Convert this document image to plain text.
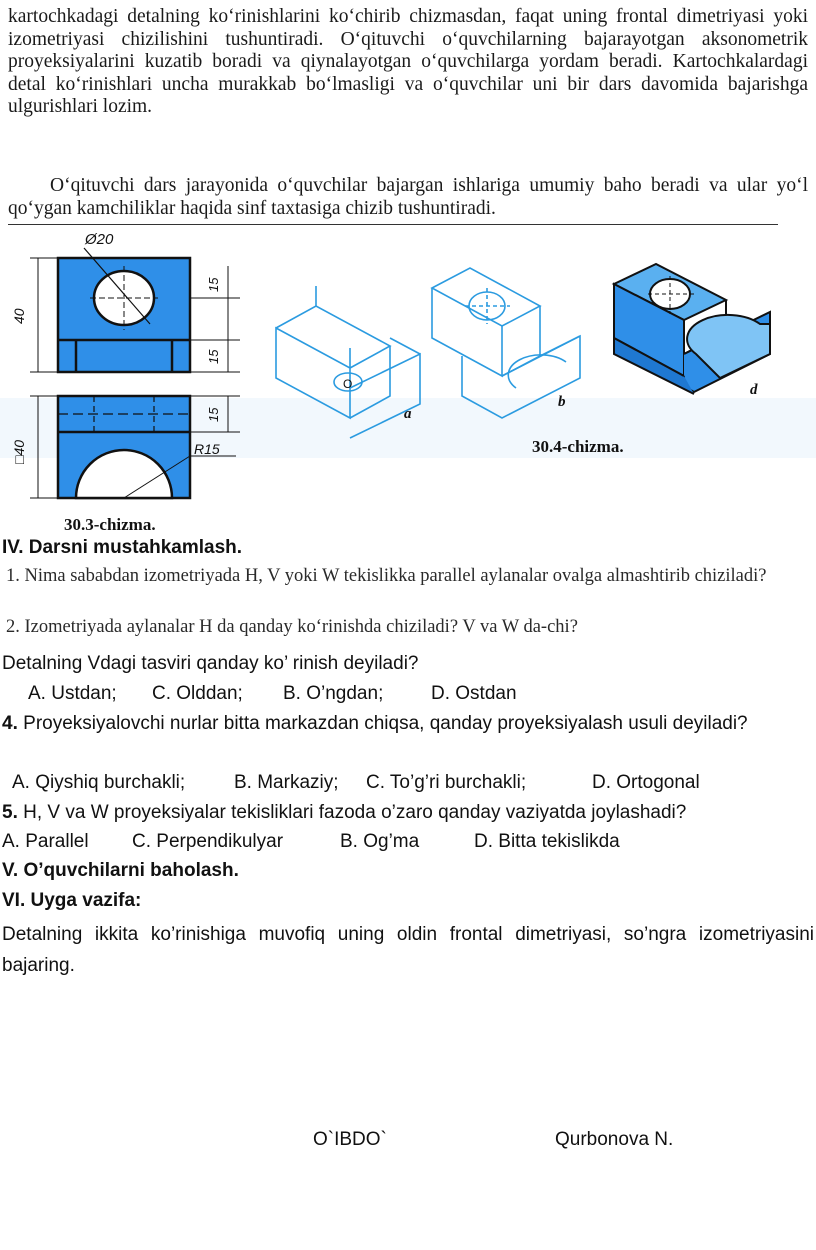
kartochkadagi detalning ko‘rinishlarini ko‘chirib chizmasdan, faqat uning frontal dimetriyasi yoki izometriyasi chizilishini tushuntiradi. O‘qituvchi o‘quvchilarning bajarayotgan aksonometrik proyeksiyalarini kuzatib boradi va qiynalayotgan o‘quvchilarga yordam beradi. Kartochkalardagi detal ko‘rinishlari uncha murakkab bo‘lmasligi va o‘quvchilar uni bir dars davomida bajarishga ulgurishlari lozim.
O‘qituvchi dars jarayonida o‘quvchilar bajargan ishlariga umumiy baho beradi va ular yo‘l qo‘ygan kamchiliklar haqida sinf taxtasiga chizib tushuntiradi.
Ø20
40
15
15
□40
15
R15
O
a
b
d
30.4-chizma.
30.3-chizma.
IV. Darsni mustahkamlash.
1. Nima sababdan izometriyada H, V yoki W tekislikka parallel aylanalar ovalga almashtirib chiziladi?
2. Izometriyada aylanalar H da qanday ko‘rinishda chiziladi? V va W da-chi?
Detalning Vdagi tasviri qanday ko’ rinish deyiladi?
A. Ustdan; C. Olddan; B. O’ngdan;	D. Ostdan
4. Proyeksiyalovchi nurlar bitta markazdan chiqsa, qanday proyeksiyalash usuli deyiladi?
A. Qiyshiq burchakli;	B. Markaziy; C. To’g’ri burchakli;	D. Ortogonal
5. H, V va W proyeksiyalar tekisliklari fazoda o’zaro qanday vaziyatda joylashadi?
A. Parallel C. Perpendikulyar	B. Og’ma	D. Bitta tekislikda
V. O’quvchilarni baholash.
VI. Uyga vazifa:
Detalning ikkita ko’rinishiga muvofiq uning oldin frontal dimetriyasi, so’ngra izometriyasini bajaring.
O`IBDO`	Qurbonova N.
